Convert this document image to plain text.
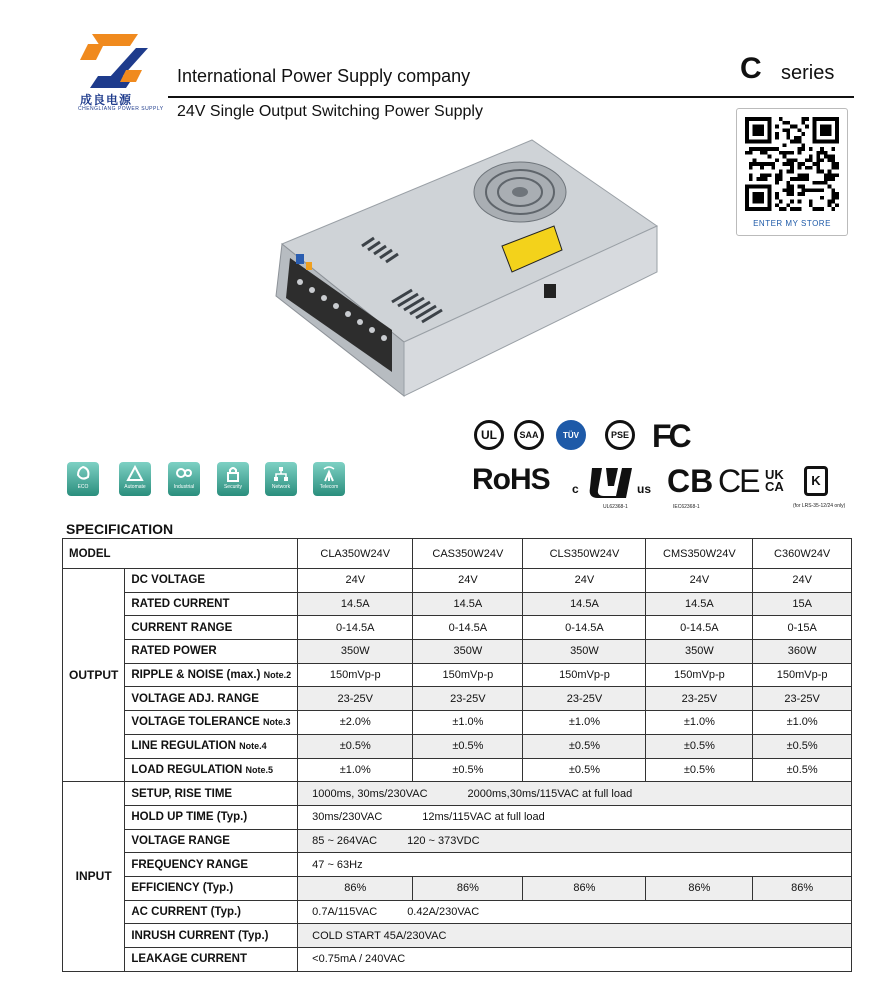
成良电源
CHENGLIANG POWER SUPPLY
International Power Supply company	C series
24V Single Output Switching Power Supply
ENTER MY STORE
UL	SAA	TÜV	PSE FC
RoHS c	us
UL62368-1
CB
IEC62368-1
CE UK CA	K
(for LRS-35-12/24 only)
ECO	Automate	Industrial	Security	Network	Telecom
SPECIFICATION
MODEL		CLA350W24V	CAS350W24V	CLS350W24V	CMS350W24V	C360W24V
OUTPUT	DC VOLTAGE	24V	24V	24V	24V	24V
	RATED CURRENT	14.5A	14.5A	14.5A	14.5A	15A
	CURRENT RANGE	0-14.5A	0-14.5A	0-14.5A	0-14.5A	0-15A
	RATED POWER	350W	350W	350W	350W	360W
	RIPPLE & NOISE (max.) Note.2	150mVp-p	150mVp-p	150mVp-p	150mVp-p	150mVp-p
	VOLTAGE ADJ. RANGE	23-25V	23-25V	23-25V	23-25V	23-25V
	VOLTAGE TOLERANCE Note.3	±2.0%	±1.0%	±1.0%	±1.0%	±1.0%
	LINE REGULATION Note.4	±0.5%	±0.5%	±0.5%	±0.5%	±0.5%
	LOAD REGULATION Note.5	±1.0%	±0.5%	±0.5%	±0.5%	±0.5%
INPUT	SETUP, RISE TIME	1000ms, 30ms/230VAC 2000ms,30ms/115VAC at full load				
	HOLD UP TIME (Typ.)	30ms/230VAC 12ms/115VAC at full load				
	VOLTAGE RANGE	85 ~ 264VAC 120 ~ 373VDC				
	FREQUENCY RANGE	47 ~ 63Hz				
	EFFICIENCY (Typ.)	86%	86%	86%	86%	86%
	AC CURRENT (Typ.)	0.7A/115VAC 0.42A/230VAC				
	INRUSH CURRENT (Typ.)	COLD START 45A/230VAC				
	LEAKAGE CURRENT	<0.75mA / 240VAC				
